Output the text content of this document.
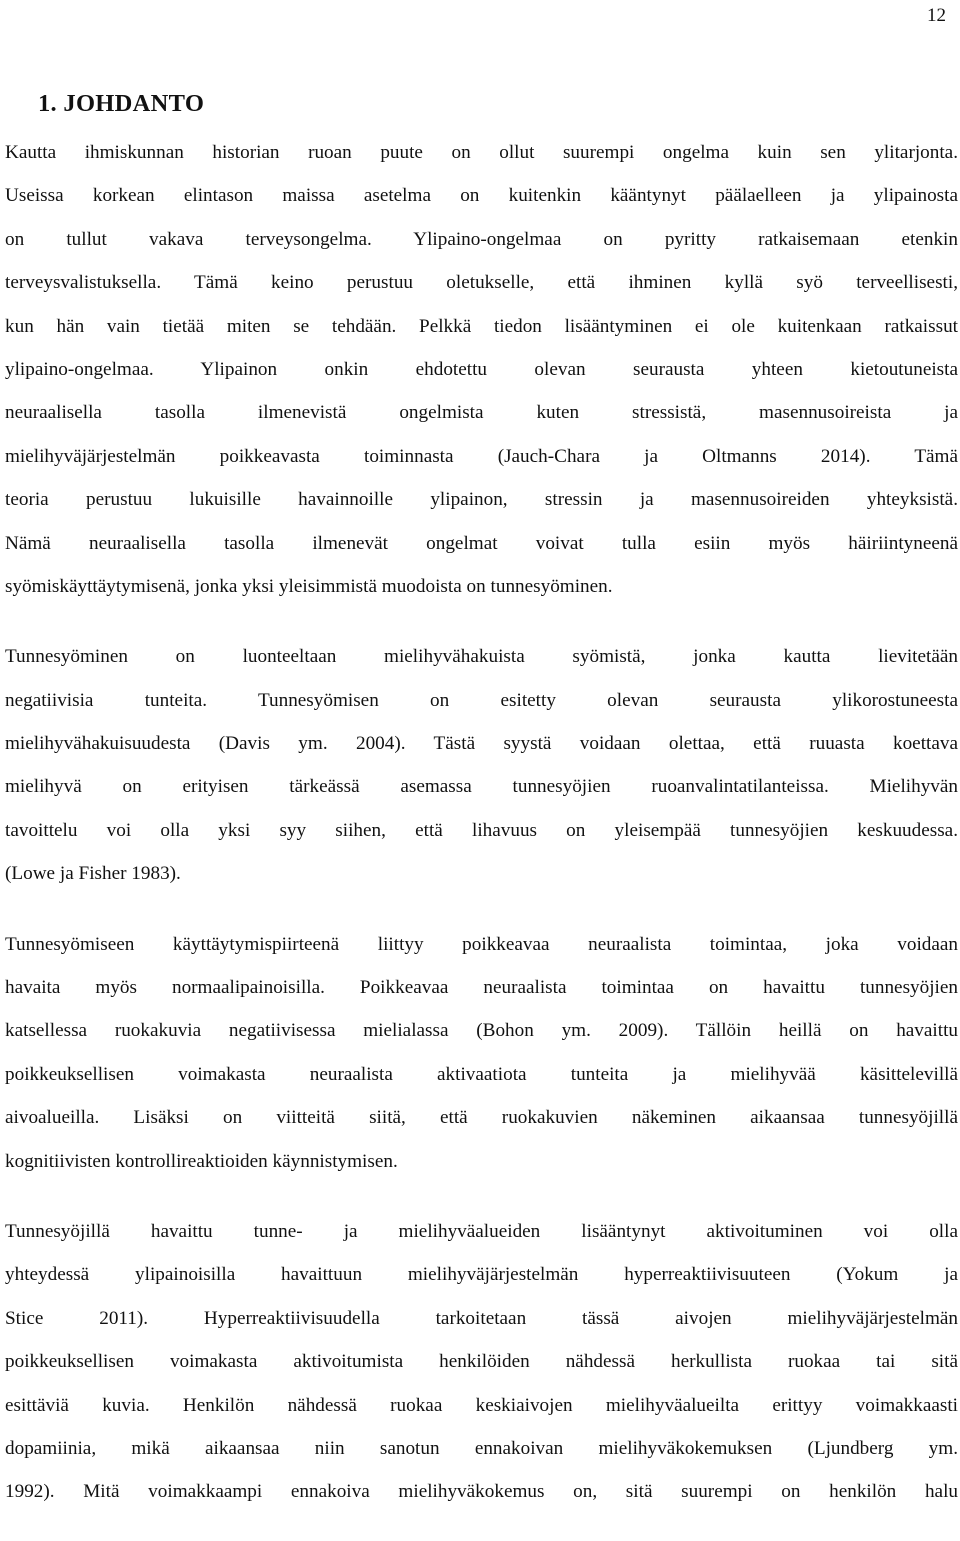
12

1. JOHDANTO

Kautta ihmiskunnan historian ruoan puute on ollut suurempi ongelma kuin sen ylitarjonta.
Useissa korkean elintason maissa asetelma on kuitenkin kääntynyt päälaelleen ja ylipainosta
on tullut vakava terveysongelma. Ylipaino-ongelmaa on pyritty ratkaisemaan etenkin
terveysvalistuksella. Tämä keino perustuu oletukselle, että ihminen kyllä syö terveellisesti,
kun hän vain tietää miten se tehdään. Pelkkä tiedon lisääntyminen ei ole kuitenkaan ratkaissut
ylipaino-ongelmaa. Ylipainon onkin ehdotettu olevan seurausta yhteen kietoutuneista
neuraalisella tasolla ilmenevistä ongelmista kuten stressistä, masennusoireista ja
mielihyväjärjestelmän poikkeavasta toiminnasta (Jauch-Chara ja Oltmanns 2014). Tämä
teoria perustuu lukuisille havainnoille ylipainon, stressin ja masennusoireiden yhteyksistä.
Nämä neuraalisella tasolla ilmenevät ongelmat voivat tulla esiin myös häiriintyneenä
syömiskäyttäytymisenä, jonka yksi yleisimmistä muodoista on tunnesyöminen.

Tunnesyöminen on luonteeltaan mielihyvähakuista syömistä, jonka kautta lievitetään
negatiivisia tunteita. Tunnesyömisen on esitetty olevan seurausta ylikorostuneesta
mielihyvähakuisuudesta (Davis ym. 2004). Tästä syystä voidaan olettaa, että ruuasta koettava
mielihyvä on erityisen tärkeässä asemassa tunnesyöjien ruoanvalintatilanteissa. Mielihyvän
tavoittelu voi olla yksi syy siihen, että lihavuus on yleisempää tunnesyöjien keskuudessa.
(Lowe ja Fisher 1983).

Tunnesyömiseen käyttäytymispiirteenä liittyy poikkeavaa neuraalista toimintaa, joka voidaan
havaita myös normaalipainoisilla. Poikkeavaa neuraalista toimintaa on havaittu tunnesyöjien
katsellessa ruokakuvia negatiivisessa mielialassa (Bohon ym. 2009). Tällöin heillä on havaittu
poikkeuksellisen voimakasta neuraalista aktivaatiota tunteita ja mielihyvää käsittelevillä
aivoalueilla. Lisäksi on viitteitä siitä, että ruokakuvien näkeminen aikaansaa tunnesyöjillä
kognitiivisten kontrollireaktioiden käynnistymisen.

Tunnesyöjillä havaittu tunne- ja mielihyväalueiden lisääntynyt aktivoituminen voi olla
yhteydessä ylipainoisilla havaittuun mielihyväjärjestelmän hyperreaktiivisuuteen (Yokum ja
Stice 2011). Hyperreaktiivisuudella tarkoitetaan tässä aivojen mielihyväjärjestelmän
poikkeuksellisen voimakasta aktivoitumista henkilöiden nähdessä herkullista ruokaa tai sitä
esittäviä kuvia. Henkilön nähdessä ruokaa keskiaivojen mielihyväalueilta erittyy voimakkaasti
dopamiinia, mikä aikaansaa niin sanotun ennakoivan mielihyväkokemuksen (Ljundberg ym.
1992). Mitä voimakkaampi ennakoiva mielihyväkokemus on, sitä suurempi on henkilön halu
